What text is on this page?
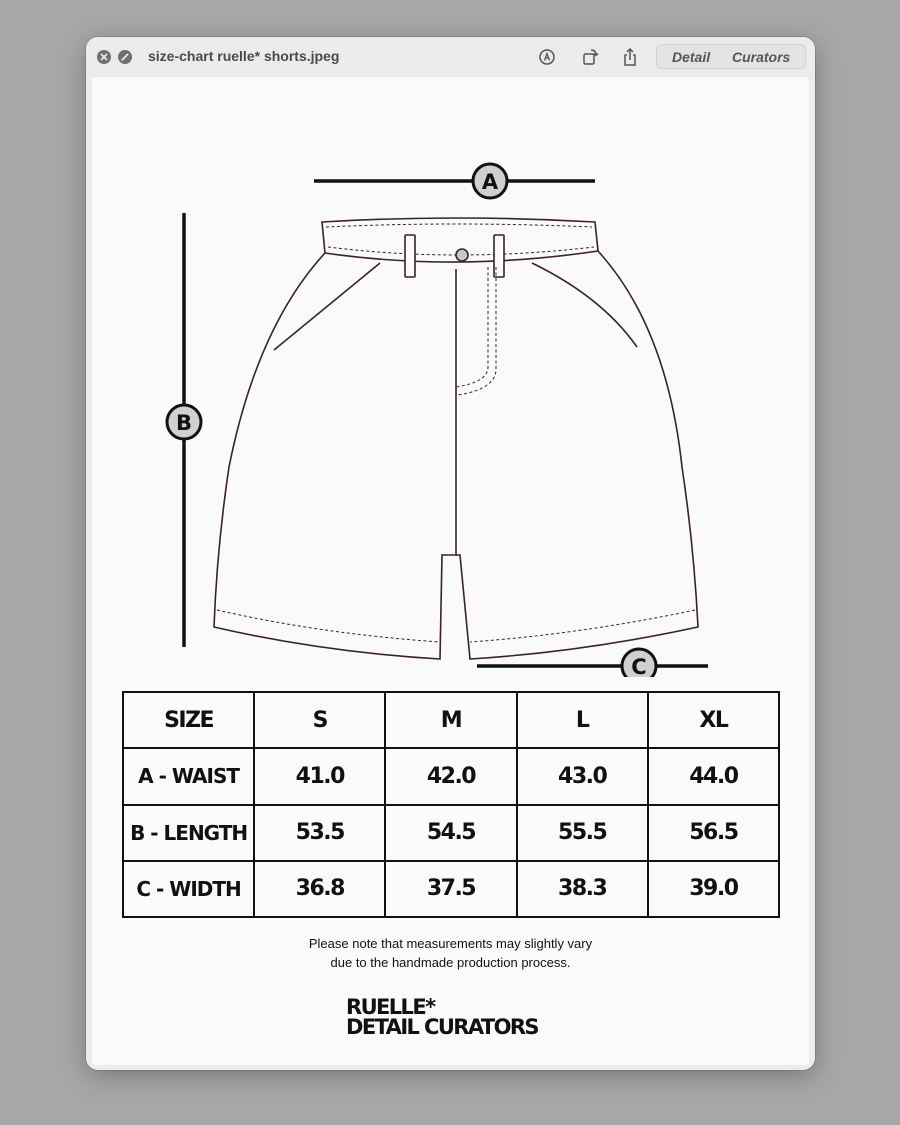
size-chart ruelle* shorts.jpeg	Detail Curators
A
B
C
SIZE	S	M	L	XL
A - WAIST	41.0	42.0	43.0	44.0
B - LENGTH	53.5	54.5	55.5	56.5
C - WIDTH	36.8	37.5	38.3	39.0
Please note that measurements may slightly vary
due to the handmade production process.
RUELLE*
DETAIL CURATORS
